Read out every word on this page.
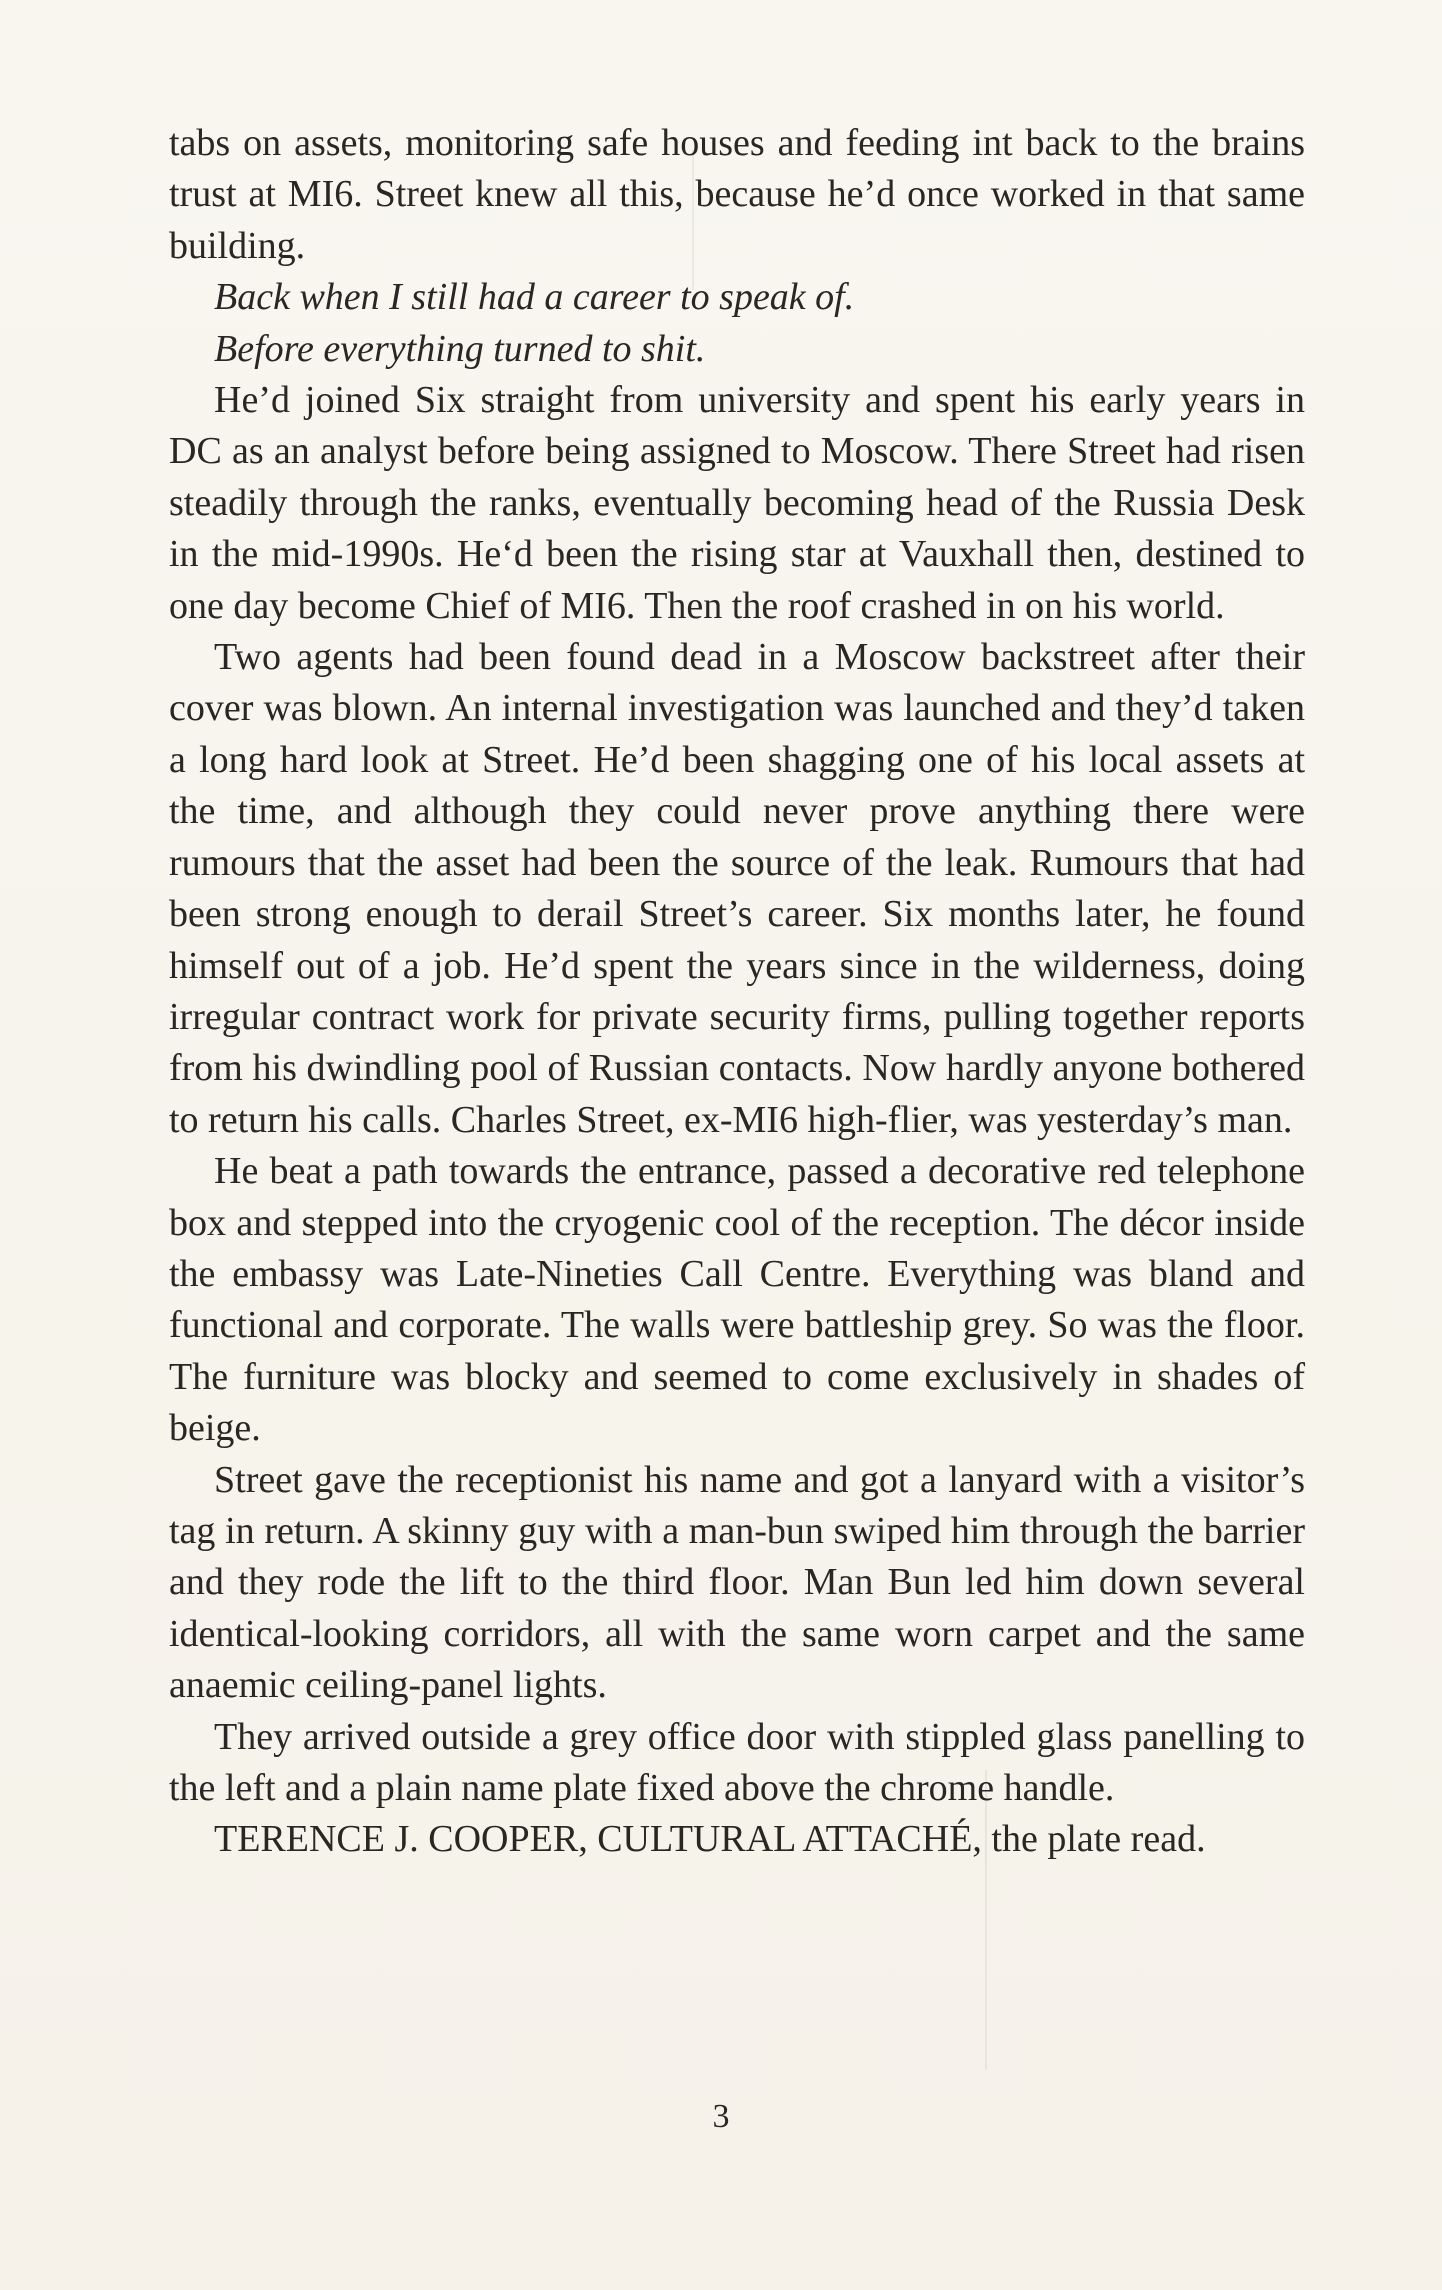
tabs on assets, monitoring safe houses and feeding int back to the brains trust at MI6. Street knew all this, because he’d once worked in that same building.

Back when I still had a career to speak of.

Before everything turned to shit.

He’d joined Six straight from university and spent his early years in DC as an analyst before being assigned to Moscow. There Street had risen steadily through the ranks, eventually becoming head of the Russia Desk in the mid-1990s. He‘d been the rising star at Vauxhall then, destined to one day become Chief of MI6. Then the roof crashed in on his world.

Two agents had been found dead in a Moscow backstreet after their cover was blown. An internal investigation was launched and they’d taken a long hard look at Street. He’d been shagging one of his local assets at the time, and although they could never prove anything there were rumours that the asset had been the source of the leak. Rumours that had been strong enough to derail Street’s career. Six months later, he found himself out of a job. He’d spent the years since in the wilderness, doing irregular contract work for private security firms, pulling together reports from his dwindling pool of Russian contacts. Now hardly anyone bothered to return his calls. Charles Street, ex-MI6 high-flier, was yesterday’s man.

He beat a path towards the entrance, passed a decorative red telephone box and stepped into the cryogenic cool of the reception. The décor inside the embassy was Late-Nineties Call Centre. Everything was bland and functional and corporate. The walls were battleship grey. So was the floor. The furniture was blocky and seemed to come exclusively in shades of beige.

Street gave the receptionist his name and got a lanyard with a visitor’s tag in return. A skinny guy with a man-bun swiped him through the barrier and they rode the lift to the third floor. Man Bun led him down several identical-looking corridors, all with the same worn carpet and the same anaemic ceiling-panel lights.

They arrived outside a grey office door with stippled glass panelling to the left and a plain name plate fixed above the chrome handle.

TERENCE J. COOPER, CULTURAL ATTACHÉ, the plate read.

3
